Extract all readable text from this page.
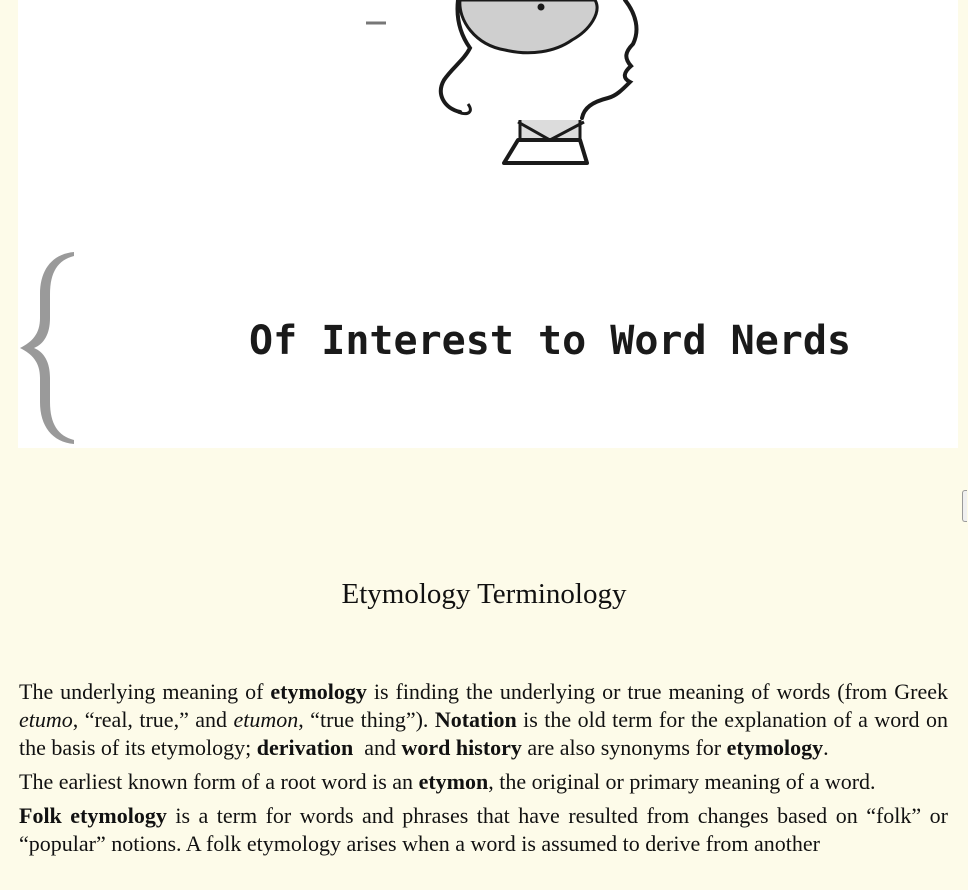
Of Interest to Word Nerds
Etymology Terminology

The underlying meaning of etymology is finding the underlying or true meaning of words (from Greek etumo, “real, true,” and etumon, “true thing”). Notation is the old term for the explanation of a word on the basis of its etymology; derivation  and word history are also synonyms for etymology.

The earliest known form of a root word is an etymon, the original or primary meaning of a word.

Folk etymology is a term for words and phrases that have resulted from changes based on “folk” or “popular” notions. A folk etymology arises when a word is assumed to derive from another
